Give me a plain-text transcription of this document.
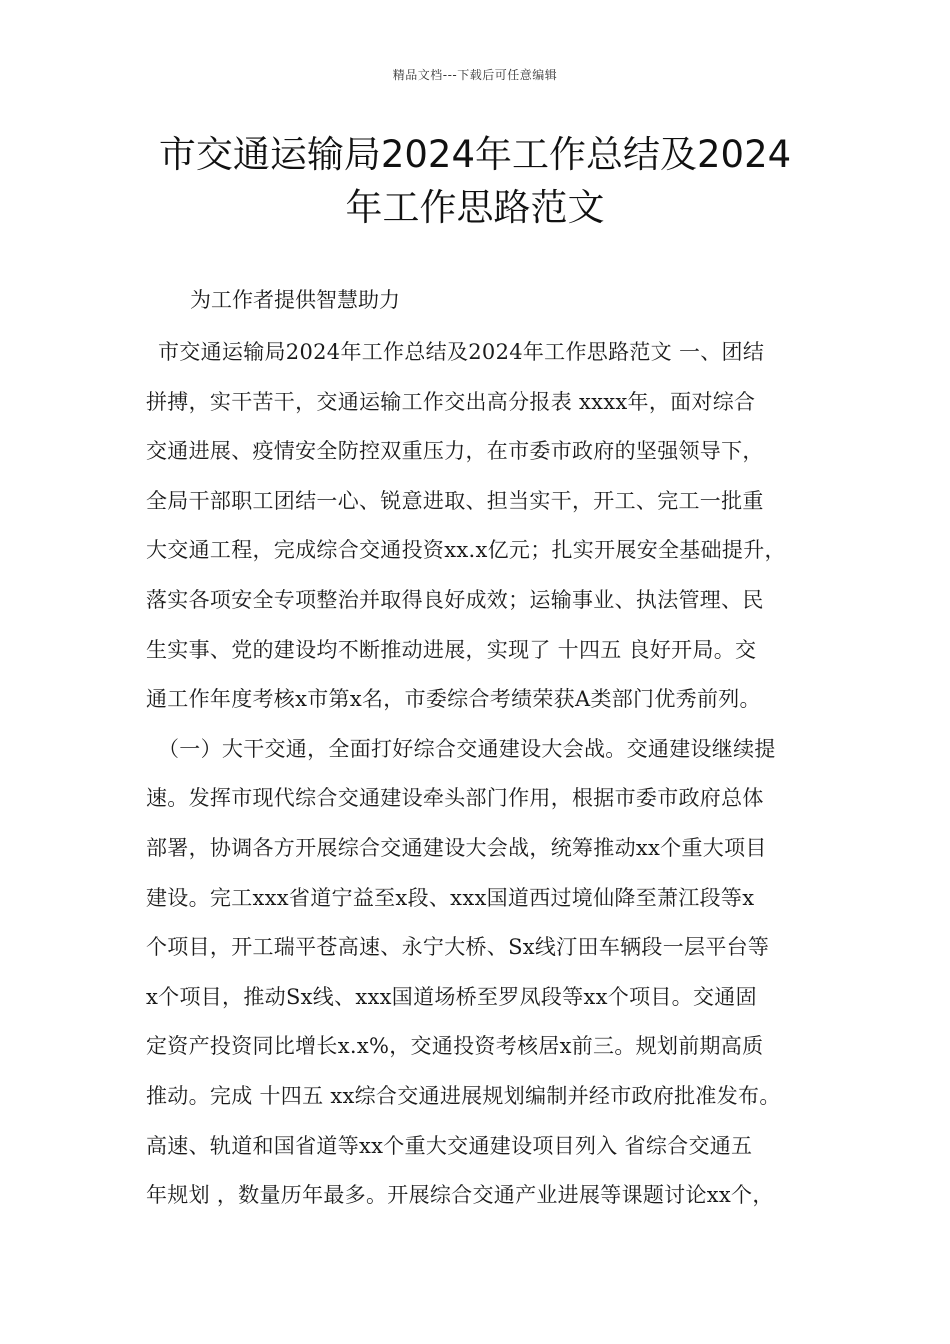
精品文档---下载后可任意编辑
市交通运输局2024年工作总结及2024
年工作思路范文

为工作者提供智慧助力

市交通运输局2024年工作总结及2024年工作思路范文 一、团结
拼搏，实干苦干，交通运输工作交出高分报表 xxxx年，面对综合
交通进展、疫情安全防控双重压力，在市委市政府的坚强领导下，
全局干部职工团结一心、锐意进取、担当实干，开工、完工一批重
大交通工程，完成综合交通投资xx.x亿元；扎实开展安全基础提升，
落实各项安全专项整治并取得良好成效；运输事业、执法管理、民
生实事、党的建设均不断推动进展，实现了 十四五 良好开局。交
通工作年度考核x市第x名，市委综合考绩荣获A类部门优秀前列。
（一）大干交通，全面打好综合交通建设大会战。交通建设继续提
速。发挥市现代综合交通建设牵头部门作用，根据市委市政府总体
部署，协调各方开展综合交通建设大会战，统筹推动xx个重大项目
建设。完工xxx省道宁益至x段、xxx国道西过境仙降至萧江段等x
个项目，开工瑞平苍高速、永宁大桥、Sx线汀田车辆段一层平台等
x个项目，推动Sx线、xxx国道场桥至罗凤段等xx个项目。交通固
定资产投资同比增长x.x%，交通投资考核居x前三。规划前期高质
推动。完成 十四五 xx综合交通进展规划编制并经市政府批准发布。
高速、轨道和国省道等xx个重大交通建设项目列入 省综合交通五
年规划 ，数量历年最多。开展综合交通产业进展等课题讨论xx个，
